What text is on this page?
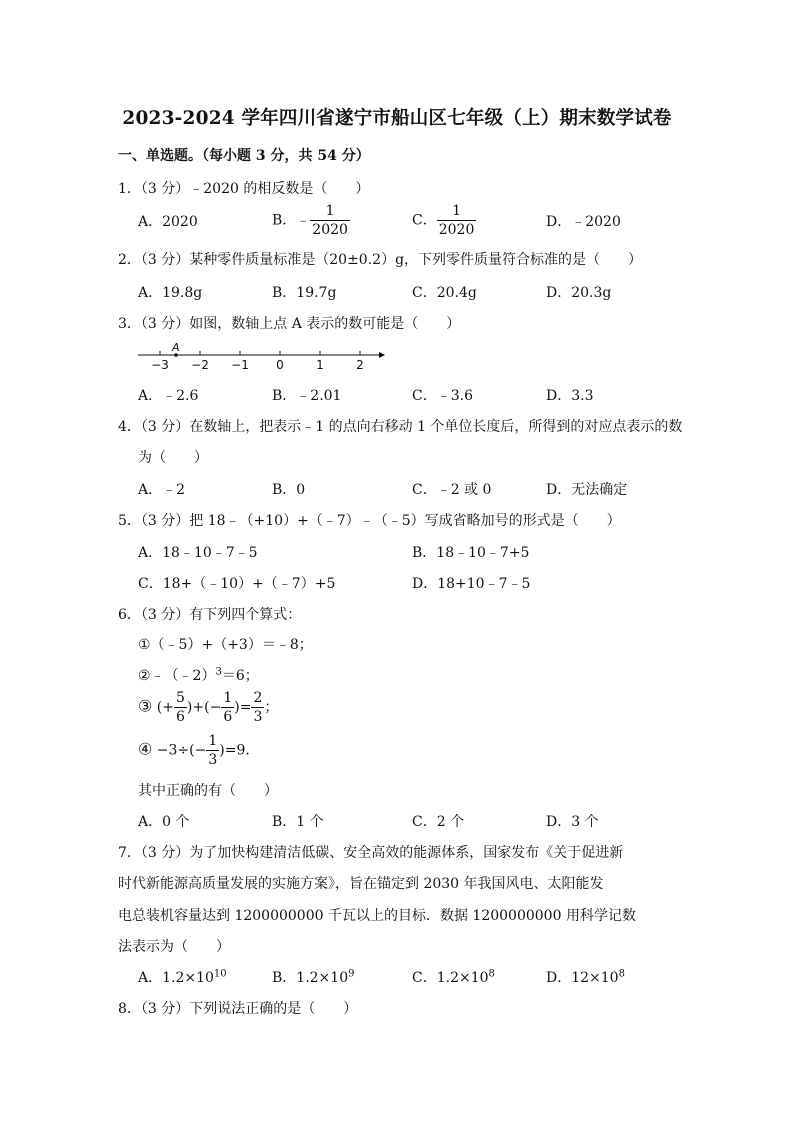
2023-2024 学年四川省遂宁市船山区七年级（上）期末数学试卷
一、单选题。（每小题 3 分，共 54 分）
1．（3 分）﹣2020 的相反数是（　　）
A．2020	B．﹣ $\frac{1}{2020}$	C． $\frac{1}{2020}$	D．﹣2020
2．（3 分）某种零件质量标准是（20±0.2）g，下列零件质量符合标准的是（　　）
A．19.8g	B．19.7g	C．20.4g	D．20.3g
3．（3 分）如图，数轴上点 A 表示的数可能是（　　）
−3 −2 −1 0	1	2
A
A．﹣2.6	B．﹣2.01	C．﹣3.6	D．3.3
4．（3 分）在数轴上，把表示﹣1 的点向右移动 1 个单位长度后，所得到的对应点表示的数
为（　　）
A．﹣2	B．0	C．﹣2 或 0	D．无法确定
5．（3 分）把 18﹣（+10）+（﹣7）﹣（﹣5）写成省略加号的形式是（　　）
A．18﹣10﹣7﹣5	B．18﹣10﹣7+5
C．18+（﹣10）+（﹣7）+5	D．18+10﹣7﹣5
6．（3 分）有下列四个算式：
①（﹣5）+（+3）＝﹣8；
②﹣（﹣2）$^3$＝6；
③ (+ $\frac{5}{6}$ )+(− $\frac{1}{6}$ )= $\frac{2}{3}$ ；
④ $-3\div(- \frac{1}{3} )=9$．
其中正确的有（　　）
A．0 个	B．1 个	C．2 个	D．3 个
7．（3 分）为了加快构建清洁低碳、安全高效的能源体系，国家发布《关于促进新
时代新能源高质量发展的实施方案》，旨在锚定到 2030 年我国风电、太阳能发
电总装机容量达到 1200000000 千瓦以上的目标．数据 1200000000 用科学记数
法表示为（　　）
A．$1.2\times 10^{10}$	B．$1.2\times 10^9$	C．$1.2\times 10^8$	D．$12\times 10^8$
8．（3 分）下列说法正确的是（　　）
